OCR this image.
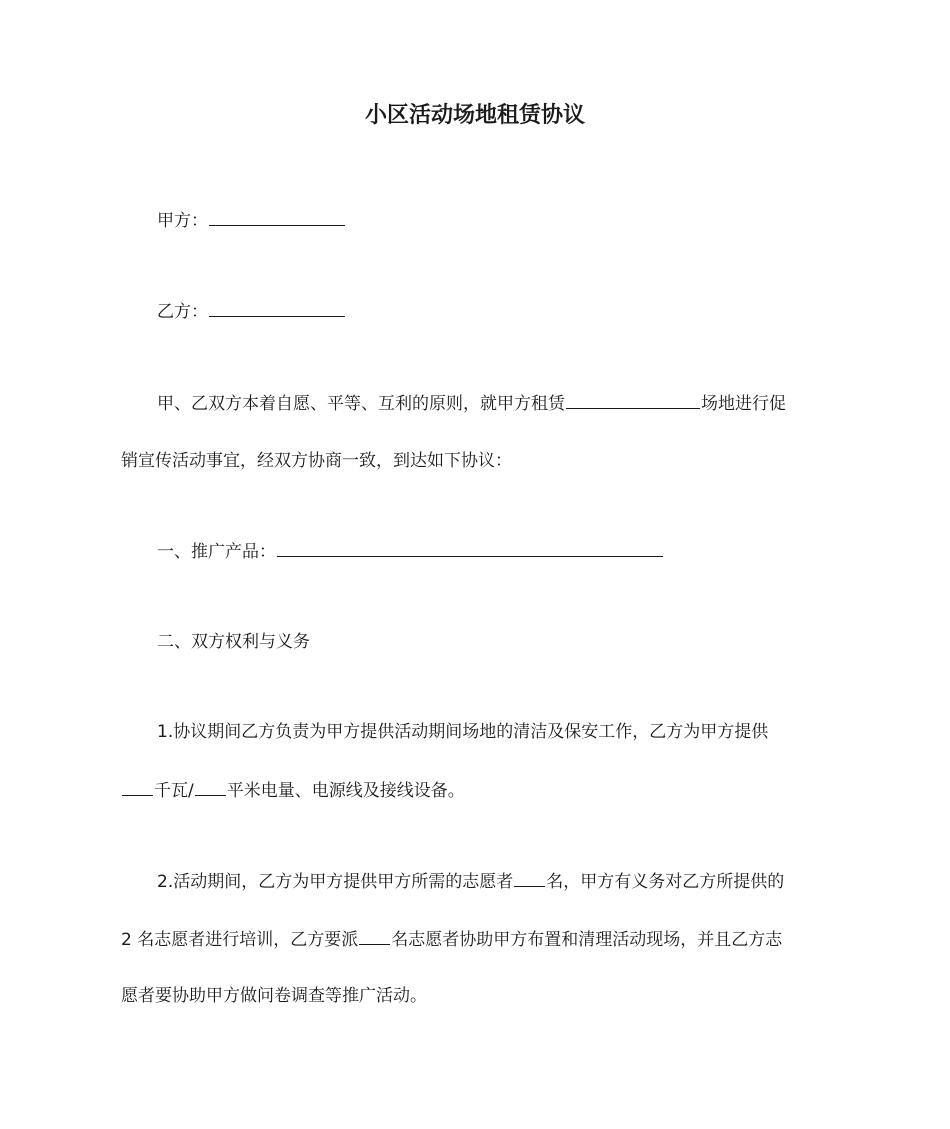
小区活动场地租赁协议
甲方：
乙方：
甲、乙双方本着自愿、平等、互利的原则，就甲方租赁	场地进行促
销宣传活动事宜，经双方协商一致，到达如下协议：
一、推广产品：
二、双方权利与义务
1.协议期间乙方负责为甲方提供活动期间场地的清洁及保安工作，乙方为甲方提供
千瓦/ 平米电量、电源线及接线设备。
2.活动期间，乙方为甲方提供甲方所需的志愿者 名，甲方有义务对乙方所提供的
2 名志愿者进行培训，乙方要派 名志愿者协助甲方布置和清理活动现场，并且乙方志
愿者要协助甲方做问卷调查等推广活动。
